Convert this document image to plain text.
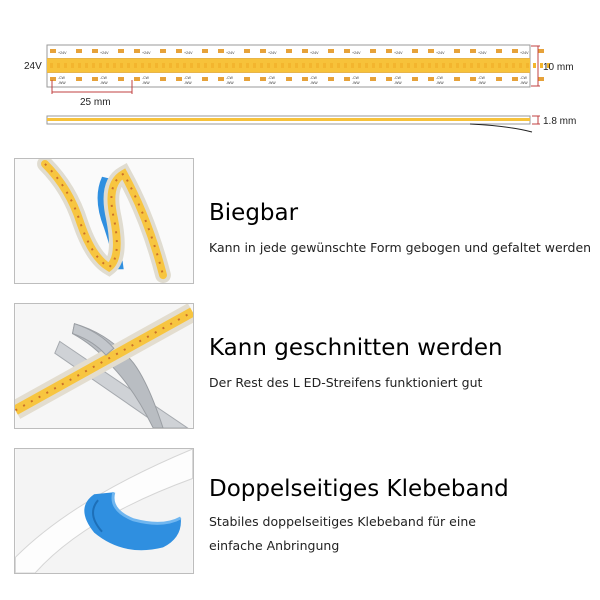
+24V
-CW
-WW
+24V
-CW
-WW
+24V
-CW
-WW
+24V
-CW
-WW
+24V
-CW
-WW
+24V
-CW
-WW
+24V
-CW
-WW
+24V
-CW
-WW
+24V
-CW
-WW
+24V
-CW
-WW
+24V
-CW
-WW
+24V
-CW
-WW
24V	10 mm
25 mm
1.8 mm
Biegbar
Kann in jede gewünschte Form gebogen und gefaltet werden
Kann geschnitten werden
Der Rest des L ED-Streifens funktioniert gut
Doppelseitiges Klebeband
Stabiles doppelseitiges Klebeband für eine
einfache Anbringung
